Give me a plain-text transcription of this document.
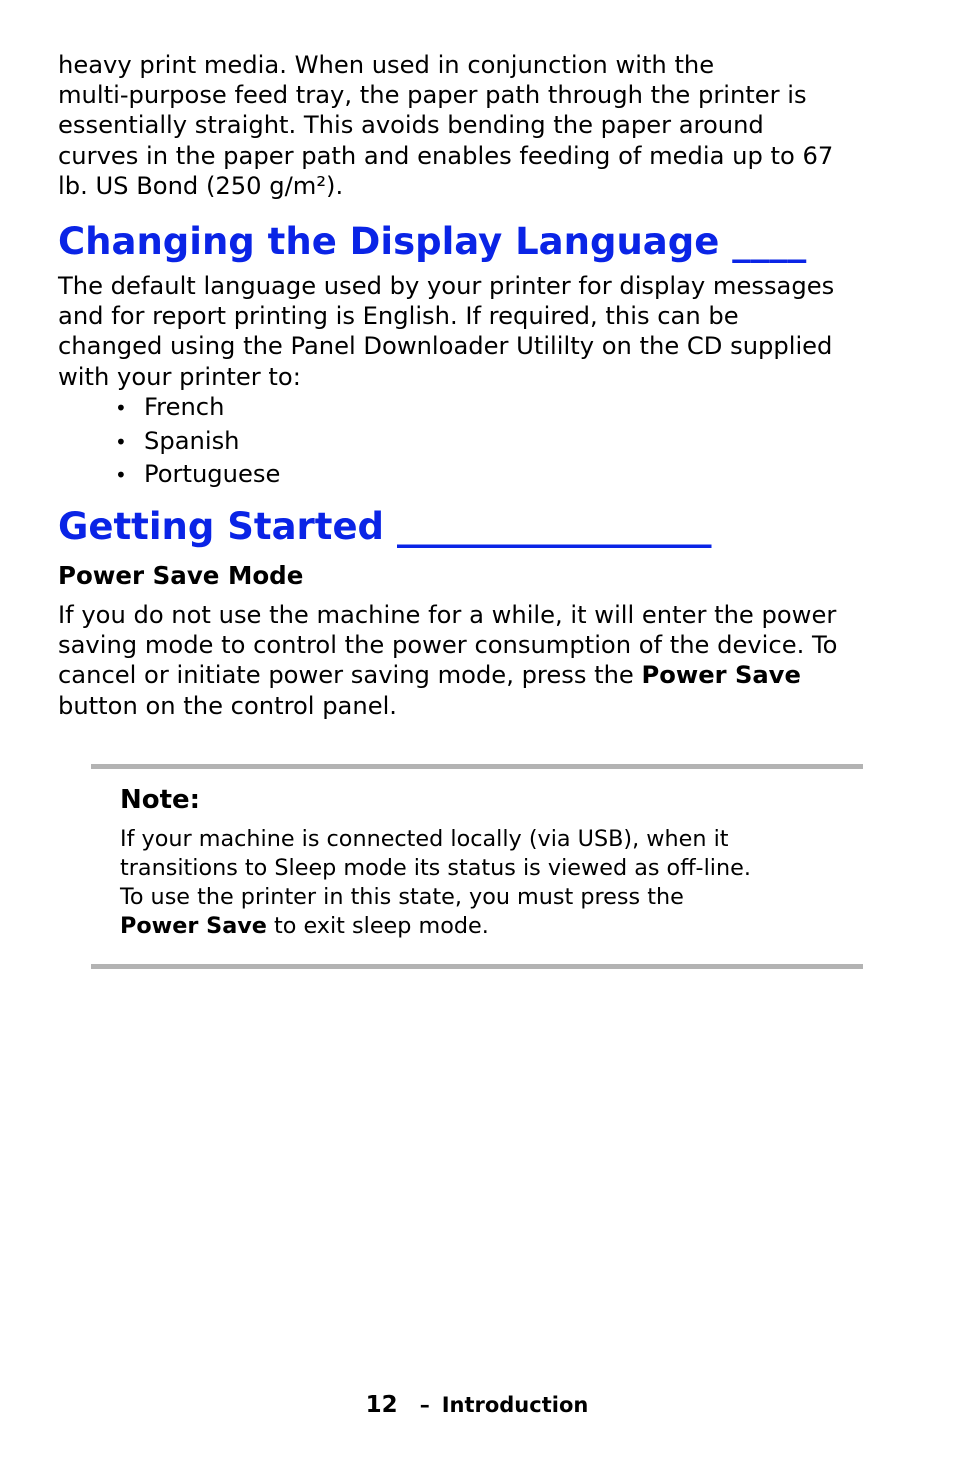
heavy print media. When used in conjunction with the
multi-purpose feed tray, the paper path through the printer is
essentially straight. This avoids bending the paper around
curves in the paper path and enables feeding of media up to 67
lb. US Bond (250 g/m²).

Changing the Display Language ____

The default language used by your printer for display messages
and for report printing is English. If required, this can be
changed using the Panel Downloader Utililty on the CD supplied
with your printer to:

• French
• Spanish
• Portuguese
Getting Started _________________
Power Save Mode

If you do not use the machine for a while, it will enter the power
saving mode to control the power consumption of the device. To
cancel or initiate power saving mode, press the Power Save
button on the control panel.

Note:

If your machine is connected locally (via USB), when it
transitions to Sleep mode its status is viewed as off-line.
To use the printer in this state, you must press the
Power Save to exit sleep mode.

12 – Introduction
